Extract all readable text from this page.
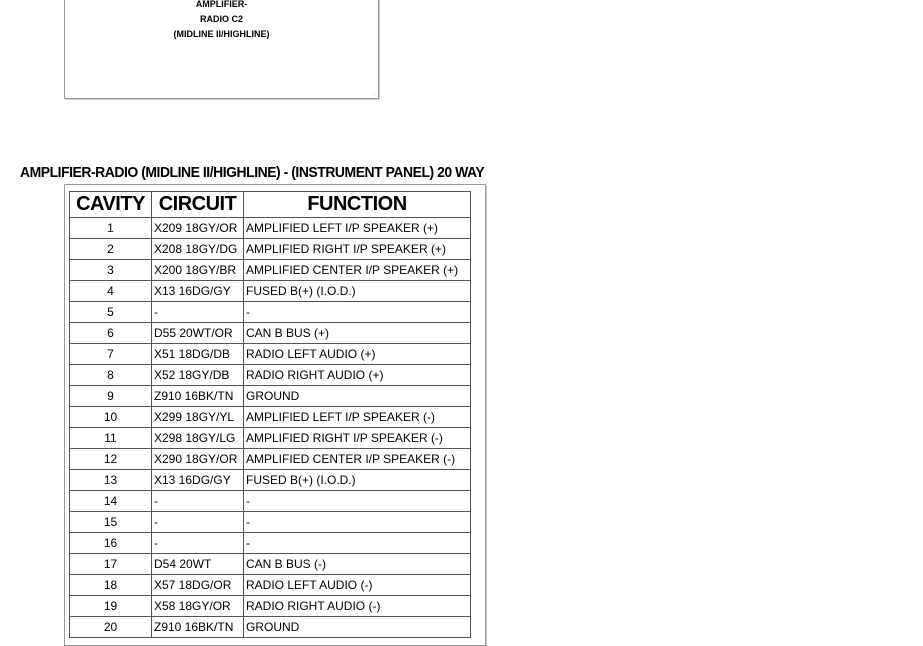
AMPLIFIER-
RADIO C2
(MIDLINE II/HIGHLINE)
.
AMPLIFIER-RADIO (MIDLINE II/HIGHLINE) - (INSTRUMENT PANEL) 20 WAY
CAVITY	CIRCUIT	FUNCTION
1	X209 18GY/OR	AMPLIFIED LEFT I/P SPEAKER (+)
2	X208 18GY/DG	AMPLIFIED RIGHT I/P SPEAKER (+)
3	X200 18GY/BR	AMPLIFIED CENTER I/P SPEAKER (+)
4	X13 16DG/GY	FUSED B(+) (I.O.D.)
5	-	-
6	D55 20WT/OR	CAN B BUS (+)
7	X51 18DG/DB	RADIO LEFT AUDIO (+)
8	X52 18GY/DB	RADIO RIGHT AUDIO (+)
9	Z910 16BK/TN	GROUND
10	X299 18GY/YL	AMPLIFIED LEFT I/P SPEAKER (-)
11	X298 18GY/LG	AMPLIFIED RIGHT I/P SPEAKER (-)
12	X290 18GY/OR	AMPLIFIED CENTER I/P SPEAKER (-)
13	X13 16DG/GY	FUSED B(+) (I.O.D.)
14	-	-
15	-	-
16	-	-
17	D54 20WT	CAN B BUS (-)
18	X57 18DG/OR	RADIO LEFT AUDIO (-)
19	X58 18GY/OR	RADIO RIGHT AUDIO (-)
20	Z910 16BK/TN	GROUND
